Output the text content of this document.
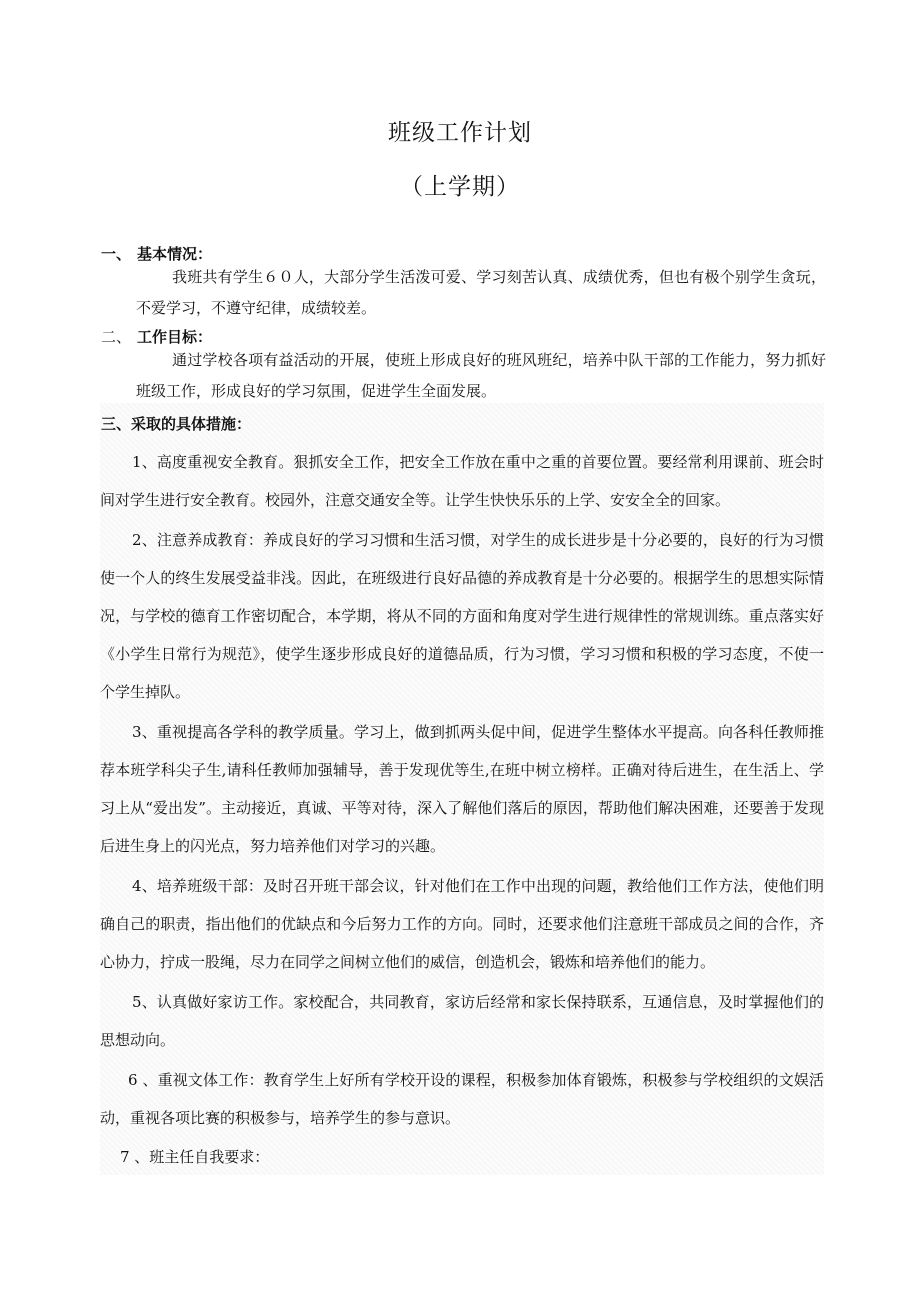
班级工作计划
（上学期）
一、 基本情况：
我班共有学生６０人，大部分学生活泼可爱、学习刻苦认真、成绩优秀，但也有极个别学生贪玩，不爱学习，不遵守纪律，成绩较差。
二、 工作目标：
通过学校各项有益活动的开展，使班上形成良好的班风班纪，培养中队干部的工作能力，努力抓好班级工作，形成良好的学习氛围，促进学生全面发展。
三、采取的具体措施：
1、高度重视安全教育。狠抓安全工作，把安全工作放在重中之重的首要位置。要经常利用课前、班会时间对学生进行安全教育。校园外，注意交通安全等。让学生快快乐乐的上学、安安全全的回家。
2、注意养成教育：养成良好的学习习惯和生活习惯，对学生的成长进步是十分必要的，良好的行为习惯使一个人的终生发展受益非浅。因此，在班级进行良好品德的养成教育是十分必要的。根据学生的思想实际情况，与学校的德育工作密切配合，本学期，将从不同的方面和角度对学生进行规律性的常规训练。重点落实好《小学生日常行为规范》，使学生逐步形成良好的道德品质，行为习惯，学习习惯和积极的学习态度，不使一个学生掉队。
3、重视提高各学科的教学质量。学习上，做到抓两头促中间，促进学生整体水平提高。向各科任教师推荐本班学科尖子生,请科任教师加强辅导，善于发现优等生,在班中树立榜样。正确对待后进生，在生活上、学习上从“爱出发”。主动接近，真诚、平等对待，深入了解他们落后的原因，帮助他们解决困难，还要善于发现后进生身上的闪光点，努力培养他们对学习的兴趣。
4、培养班级干部：及时召开班干部会议，针对他们在工作中出现的问题，教给他们工作方法，使他们明确自己的职责，指出他们的优缺点和今后努力工作的方向。同时，还要求他们注意班干部成员之间的合作，齐心协力，拧成一股绳，尽力在同学之间树立他们的威信，创造机会，锻炼和培养他们的能力。
5、认真做好家访工作。家校配合，共同教育，家访后经常和家长保持联系，互通信息，及时掌握他们的思想动向。
6 、重视文体工作：教育学生上好所有学校开设的课程，积极参加体育锻炼，积极参与学校组织的文娱活动，重视各项比赛的积极参与，培养学生的参与意识。
7 、班主任自我要求：
